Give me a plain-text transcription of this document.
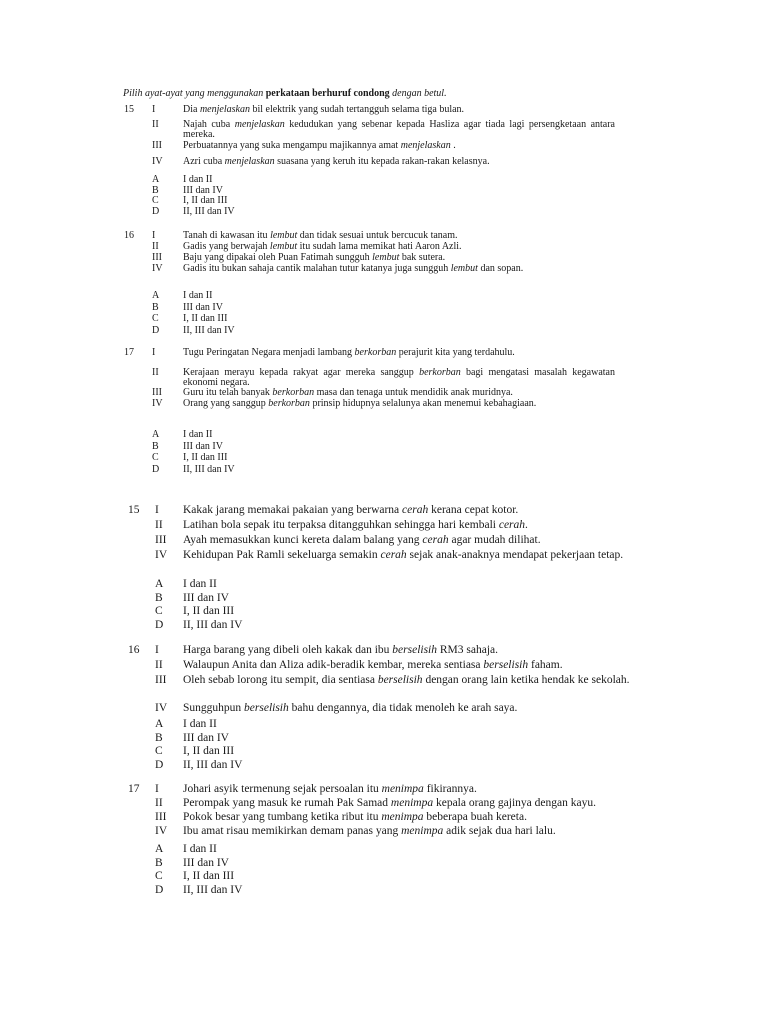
Pilih ayat-ayat yang menggunakan perkataan berhuruf condong dengan betul.
15 I	Dia menjelaskan bil elektrik yang sudah tertangguh selama tiga bulan.
II Najah cuba menjelaskan kedudukan yang sebenar kepada Hasliza agar tiada lagi persengketaan antara mereka.
III Perbuatannya yang suka mengampu majikannya amat menjelaskan .
IV Azri cuba menjelaskan suasana yang keruh itu kepada rakan-rakan kelasnya.
A I dan II
B III dan IV
C I, II dan III
D II, III dan IV
16 I	Tanah di kawasan itu lembut dan tidak sesuai untuk bercucuk tanam.
II Gadis yang berwajah lembut itu sudah lama memikat hati Aaron Azli.
III Baju yang dipakai oleh Puan Fatimah sungguh lembut bak sutera.
IV Gadis itu bukan sahaja cantik malahan tutur katanya juga sungguh lembut dan sopan.
A I dan II
B III dan IV
C I, II dan III
D II, III dan IV
17 I	Tugu Peringatan Negara menjadi lambang berkorban perajurit kita yang terdahulu.
II Kerajaan merayu kepada rakyat agar mereka sanggup berkorban bagi mengatasi masalah kegawatan ekonomi negara.
III Guru itu telah banyak berkorban masa dan tenaga untuk mendidik anak muridnya.
IV Orang yang sanggup berkorban prinsip hidupnya selalunya akan menemui kebahagiaan.
A I dan II
B III dan IV
C I, II dan III
D II, III dan IV
15 I Kakak jarang memakai pakaian yang berwarna cerah kerana cepat kotor.
II Latihan bola sepak itu terpaksa ditangguhkan sehingga hari kembali cerah.
III Ayah memasukkan kunci kereta dalam balang yang cerah agar mudah dilihat.
IV Kehidupan Pak Ramli sekeluarga semakin cerah sejak anak-anaknya mendapat pekerjaan tetap.
A I dan II
B III dan IV
C I, II dan III
D II, III dan IV
16 I Harga barang yang dibeli oleh kakak dan ibu berselisih RM3 sahaja.
II Walaupun Anita dan Aliza adik-beradik kembar, mereka sentiasa berselisih faham.
III Oleh sebab lorong itu sempit, dia sentiasa berselisih dengan orang lain ketika hendak ke sekolah.
IV Sungguhpun berselisih bahu dengannya, dia tidak menoleh ke arah saya.
A I dan II
B III dan IV
C I, II dan III
D II, III dan IV
17 I Johari asyik termenung sejak persoalan itu menimpa fikirannya.
II Perompak yang masuk ke rumah Pak Samad menimpa kepala orang gajinya dengan kayu.
III Pokok besar yang tumbang ketika ribut itu menimpa beberapa buah kereta.
IV Ibu amat risau memikirkan demam panas yang menimpa adik sejak dua hari lalu.
A I dan II
B III dan IV
C I, II dan III
D II, III dan IV
